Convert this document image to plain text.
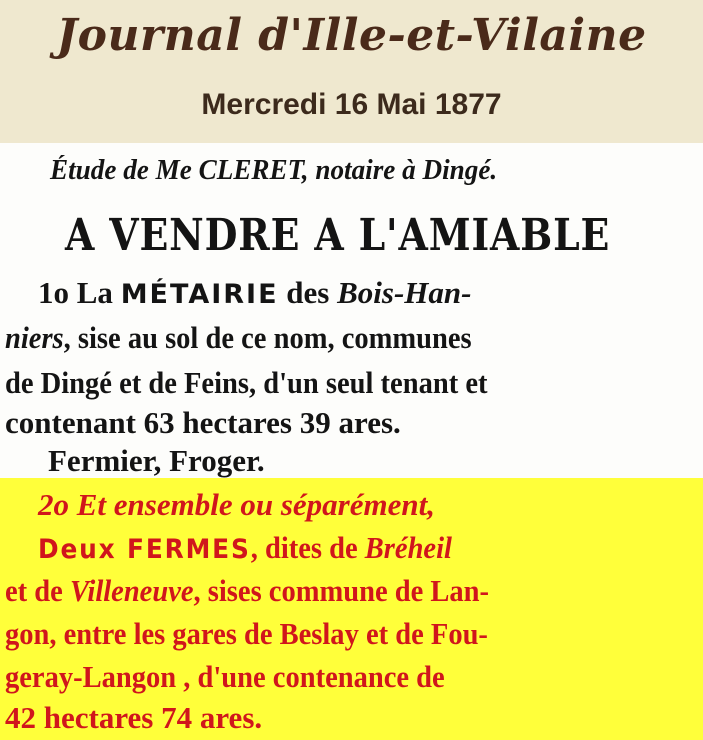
Journal d'Ille-et-Vilaine
Mercredi 16 Mai 1877
Étude de Me CLERET, notaire à Dingé.
A VENDRE A L'AMIABLE
1o La MÉTAIRIE des Bois-Han-
niers, sise au sol de ce nom, communes
de Dingé et de Feins, d'un seul tenant et
contenant 63 hectares 39 ares.
Fermier, Froger.
2o Et ensemble ou séparément,
Deux FERMES, dites de Bréheil
et de Villeneuve, sises commune de Lan-
gon, entre les gares de Beslay et de Fou-
geray-Langon , d'une contenance de
42 hectares 74 ares.
